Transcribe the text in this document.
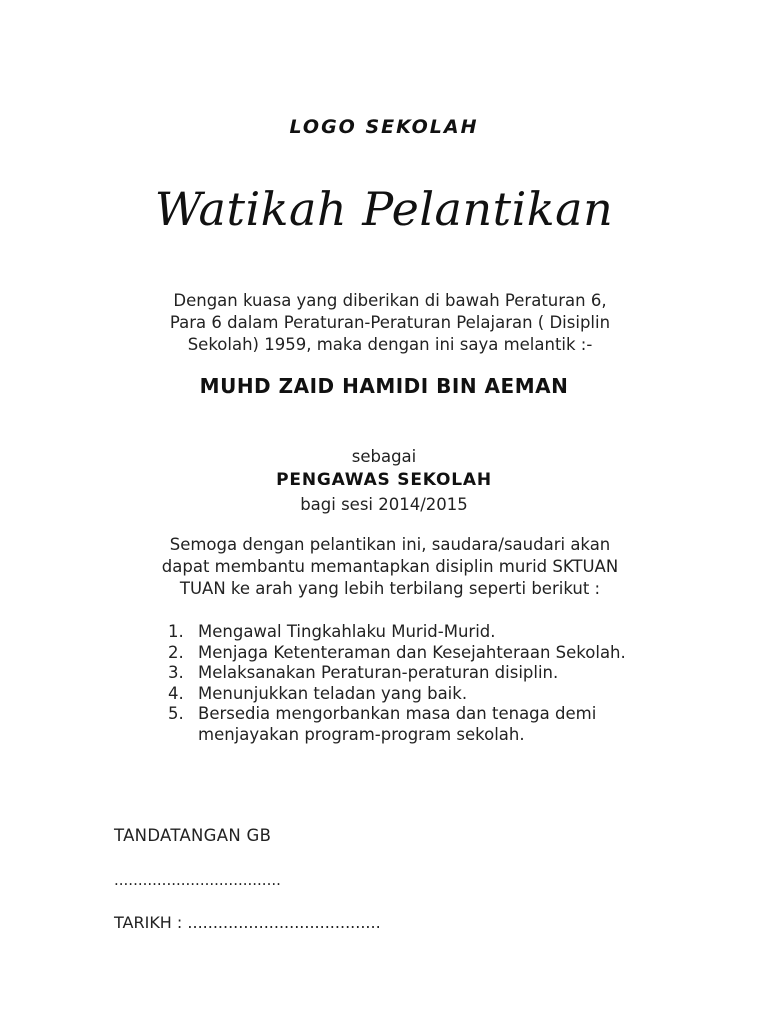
LOGO SEKOLAH
Watikah Pelantikan
Dengan kuasa yang diberikan di bawah Peraturan 6, Para 6 dalam Peraturan-Peraturan Pelajaran ( Disiplin Sekolah) 1959, maka dengan ini saya melantik :-
MUHD ZAID HAMIDI BIN AEMAN
sebagai
PENGAWAS SEKOLAH
bagi sesi 2014/2015
Semoga dengan pelantikan ini, saudara/saudari akan dapat membantu memantapkan disiplin murid SKTUAN TUAN ke arah yang lebih terbilang seperti berikut :
1. Mengawal Tingkahlaku Murid-Murid.
2. Menjaga Ketenteraman dan Kesejahteraan Sekolah.
3. Melaksanakan Peraturan-peraturan disiplin.
4. Menunjukkan teladan yang baik.
5. Bersedia mengorbankan masa dan tenaga demi menjayakan program-program sekolah.
TANDATANGAN GB
...................................
TARIKH : ......................................
